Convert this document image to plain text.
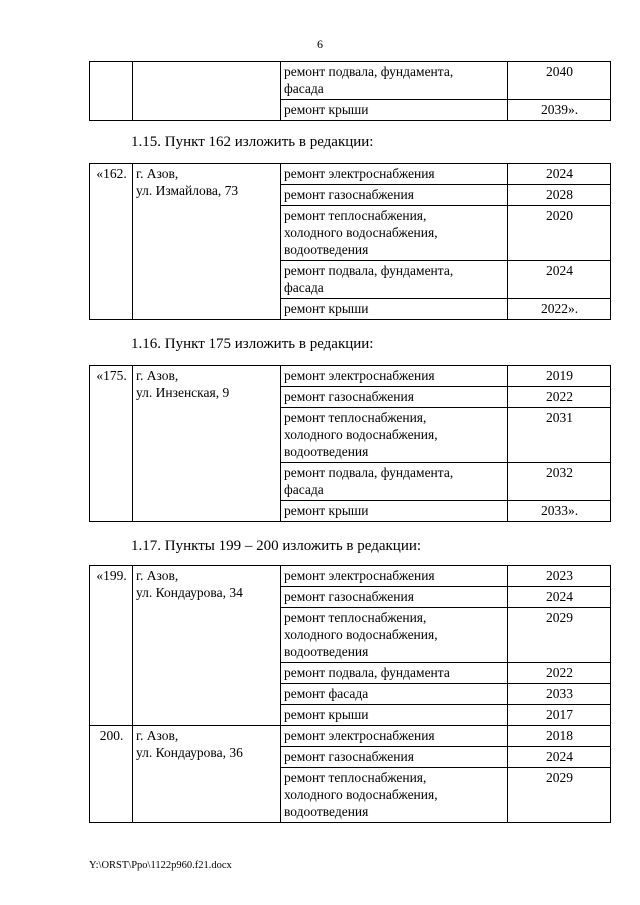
6
		ремонт подвала, фундамента,
фасада	2040
		ремонт крыши	2039».
1.15. Пункт 162 изложить в редакции:
«162.	г. Азов,
ул. Измайлова, 73	ремонт электроснабжения	2024
		ремонт газоснабжения	2028
		ремонт теплоснабжения,
холодного водоснабжения,
водоотведения	2020
		ремонт подвала, фундамента,
фасада	2024
		ремонт крыши	2022».
1.16. Пункт 175 изложить в редакции:
«175.	г. Азов,
ул. Инзенская, 9	ремонт электроснабжения	2019
		ремонт газоснабжения	2022
		ремонт теплоснабжения,
холодного водоснабжения,
водоотведения	2031
		ремонт подвала, фундамента,
фасада	2032
		ремонт крыши	2033».
1.17. Пункты 199 – 200 изложить в редакции:
«199.	г. Азов,
ул. Кондаурова, 34	ремонт электроснабжения	2023
		ремонт газоснабжения	2024
		ремонт теплоснабжения,
холодного водоснабжения,
водоотведения	2029
		ремонт подвала, фундамента	2022
		ремонт фасада	2033
		ремонт крыши	2017
200.	г. Азов,
ул. Кондаурова, 36	ремонт электроснабжения	2018
		ремонт газоснабжения	2024
		ремонт теплоснабжения,
холодного водоснабжения,
водоотведения	2029
Y:\ORST\Ppo\1122p960.f21.docx
